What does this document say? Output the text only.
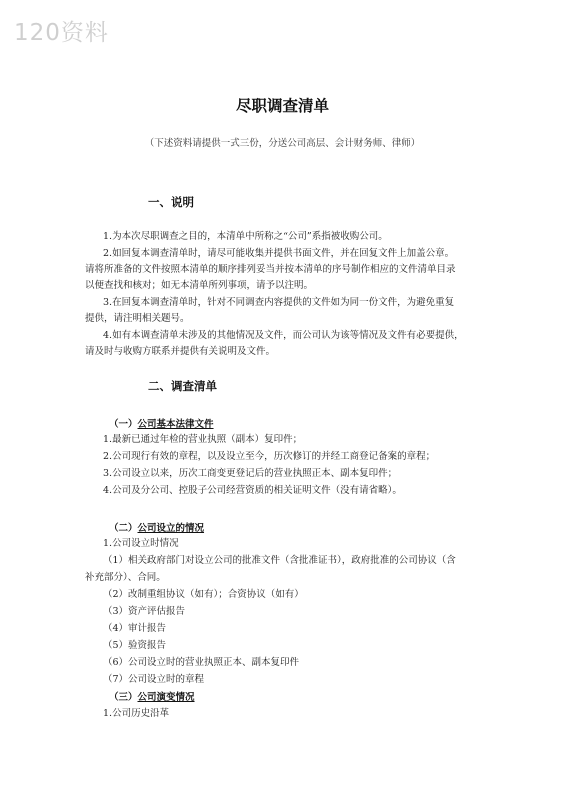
120资料
尽职调查清单
（下述资料请提供一式三份，分送公司高层、会计财务师、律师）
一、说明
1.为本次尽职调查之目的，本清单中所称之“公司”系指被收购公司。
2.如回复本调查清单时，请尽可能收集并提供书面文件，并在回复文件上加盖公章。
请将所准备的文件按照本清单的顺序排列妥当并按本清单的序号制作相应的文件清单目录
以便查找和核对；如无本清单所列事项，请予以注明。
3.在回复本调查清单时，针对不同调查内容提供的文件如为同一份文件，为避免重复
提供，请注明相关题号。
4.如有本调查清单未涉及的其他情况及文件，而公司认为该等情况及文件有必要提供，
请及时与收购方联系并提供有关说明及文件。
二、调查清单
（一）公司基本法律文件
1.最新已通过年检的营业执照（副本）复印件；
2.公司现行有效的章程，以及设立至今，历次修订的并经工商登记备案的章程；
3.公司设立以来，历次工商变更登记后的营业执照正本、副本复印件；
4.公司及分公司、控股子公司经营资质的相关证明文件（没有请省略）。
（二）公司设立的情况
1.公司设立时情况
（1）相关政府部门对设立公司的批准文件（含批准证书），政府批准的公司协议（含
补充部分）、合同。
（2）改制重组协议（如有）；合资协议（如有）
（3）资产评估报告
（4）审计报告
（5）验资报告
（6）公司设立时的营业执照正本、副本复印件
（7）公司设立时的章程
（三）公司演变情况
1.公司历史沿革
